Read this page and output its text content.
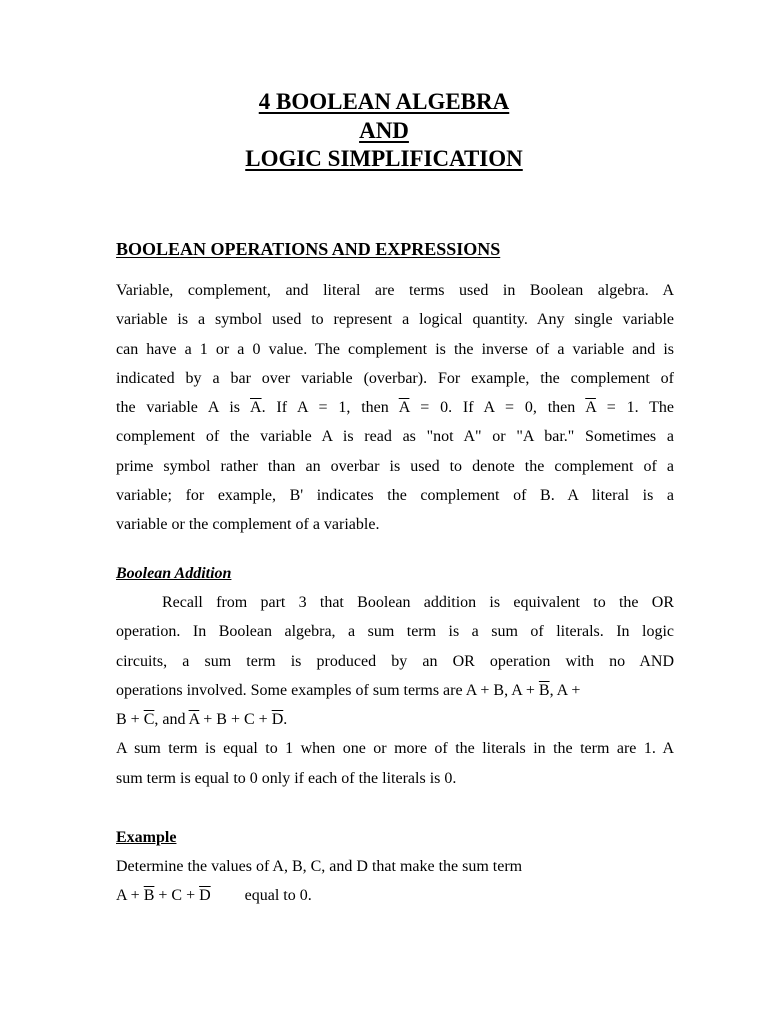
4 BOOLEAN ALGEBRA
AND
LOGIC SIMPLIFICATION
BOOLEAN OPERATIONS AND EXPRESSIONS
Variable, complement, and literal are terms used in Boolean algebra. A
variable is a symbol used to represent a logical quantity. Any single variable
can have a 1 or a 0 value. The complement is the inverse of a variable and is
indicated by a bar over variable (overbar). For example, the complement of
the variable A is $\overline{A}$. If A = 1, then $\overline{A} = 0$. If A = 0, then $\overline{A} = 1$. The
complement of the variable A is read as "not A" or "A bar." Sometimes a
prime symbol rather than an overbar is used to denote the complement of a
variable; for example, B' indicates the complement of B. A literal is a
variable or the complement of a variable.
Boolean Addition
Recall from part 3 that Boolean addition is equivalent to the OR
operation. In Boolean algebra, a sum term is a sum of literals. In logic
circuits, a sum term is produced by an OR operation with no AND
operations involved. Some examples of sum terms are A + B, $A + \overline{B}$, A +
$B + \overline{C}$, and $\overline{A} + B + C + \overline{D}$.
A sum term is equal to 1 when one or more of the literals in the term are 1. A
sum term is equal to 0 only if each of the literals is 0.
Example
Determine the values of A, B, C, and D that make the sum term
$A + \overline{B} + C + \overline{D}$ equal to 0.
